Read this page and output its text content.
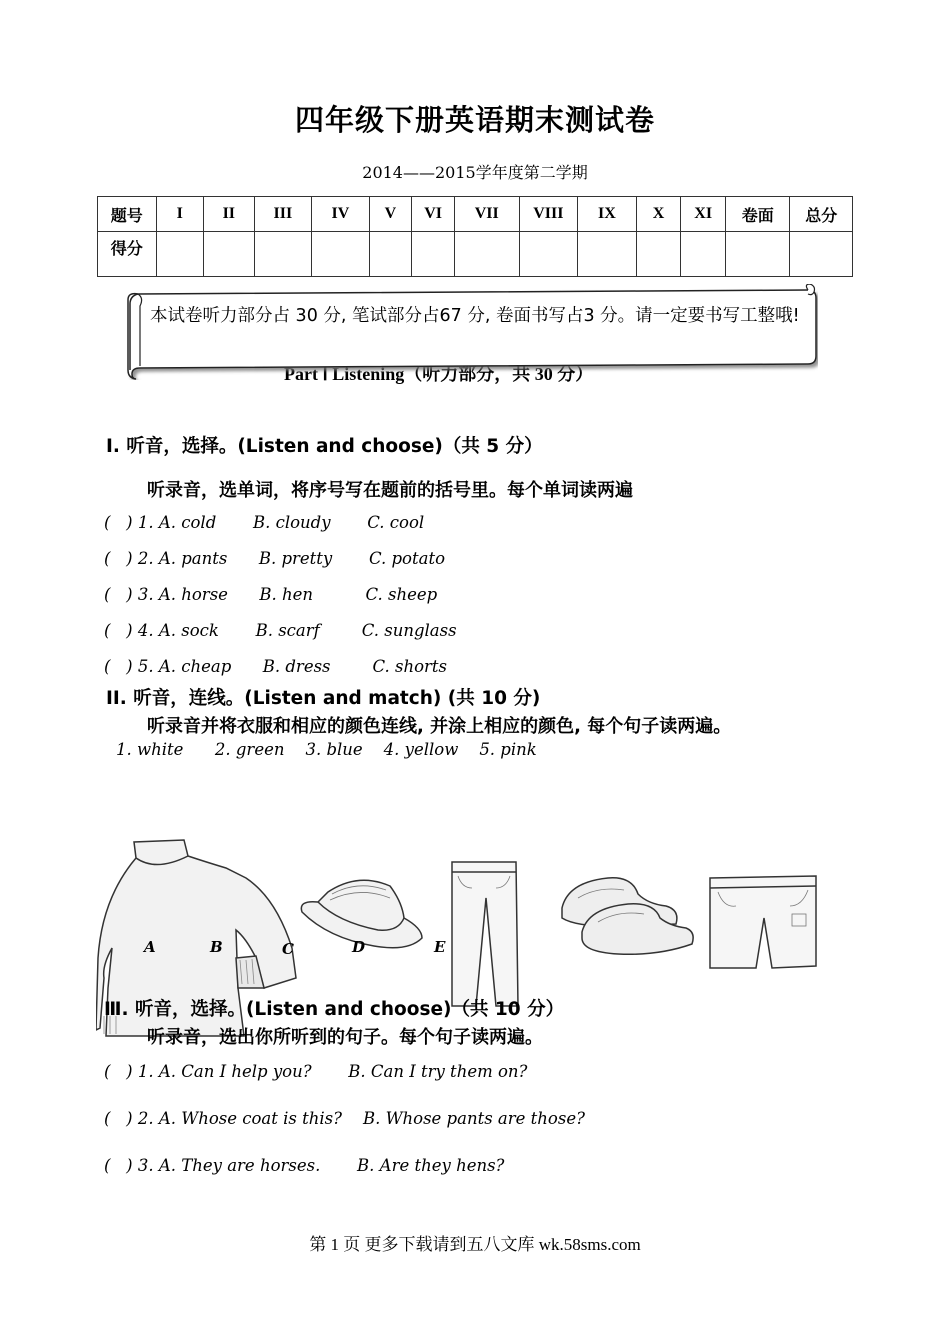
四年级下册英语期末测试卷
2014——2015学年度第二学期
题号	I	II	III	IV	V	VI	VII	VIII	IX	X	XI	卷面	总分
得分													
Part Ⅰ Listening（听力部分，共 30 分）
本试卷听力部分占 30 分, 笔试部分占67 分, 卷面书写占3 分。请一定要书写工整哦!
Ⅰ. 听音，选择。(Listen and choose)（共 5 分）
听录音，选单词，将序号写在题前的括号里。每个单词读两遍
(   ) 1. A. cold       B. cloudy       C. cool
(   ) 2. A. pants      B. pretty       C. potato
(   ) 3. A. horse      B. hen          C. sheep
(   ) 4. A. sock       B. scarf        C. sunglass
(   ) 5. A. cheap      B. dress        C. shorts
II. 听音，连线。(Listen and match) (共 10 分)
听录音并将衣服和相应的颜色连线, 并涂上相应的颜色, 每个句子读两遍。
1. white      2. green    3. blue    4. yellow    5. pink
A	B	C	D	E
Ⅲ. 听音，选择。(Listen and choose)（共 10 分）
听录音，选出你所听到的句子。每个句子读两遍。
(   ) 1. A. Can I help you?       B. Can I try them on?
(   ) 2. A. Whose coat is this?    B. Whose pants are those?
(   ) 3. A. They are horses.       B. Are they hens?
第 1 页 更多下载请到五八文库 wk.58sms.com
